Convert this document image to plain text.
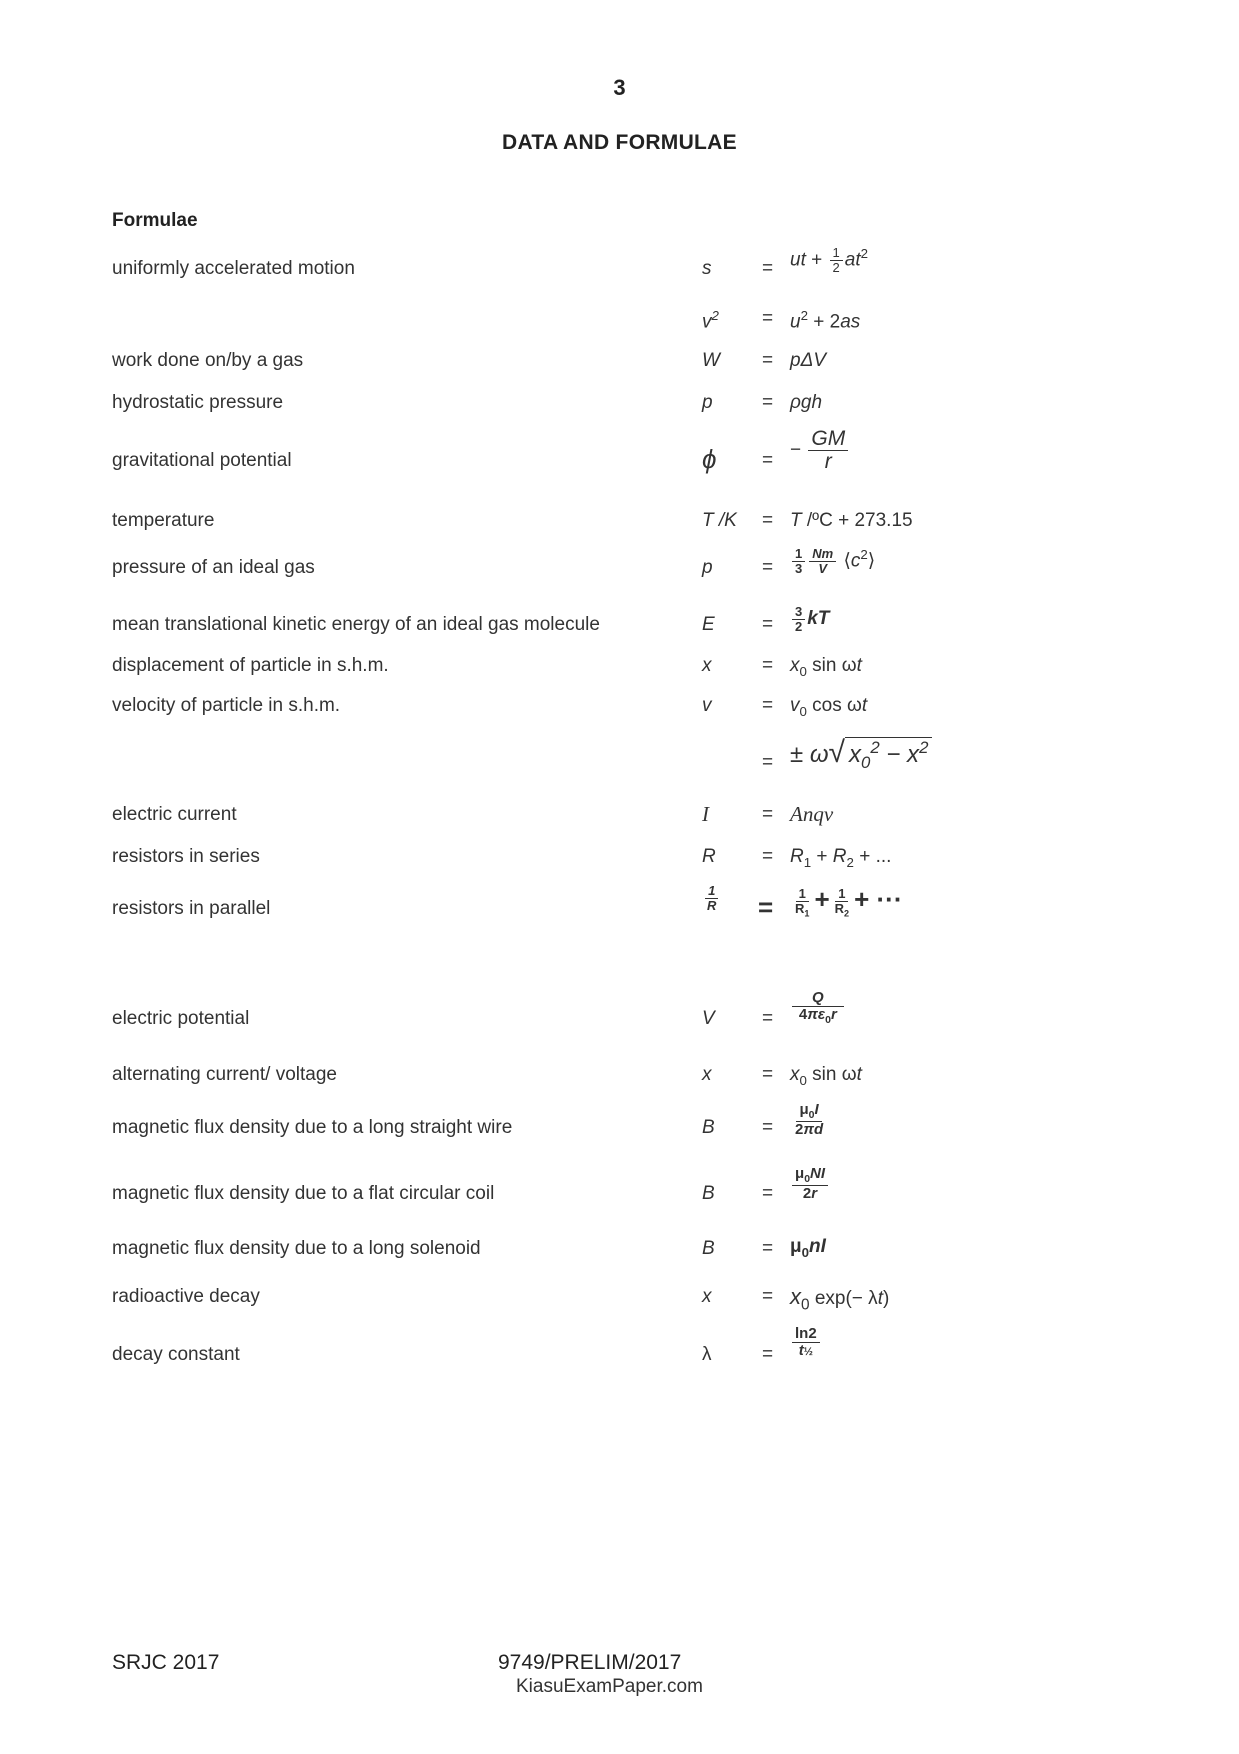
3
DATA AND FORMULAE
Formulae
uniformly accelerated motion	s	= ut + $\frac{1}{2} at^2$
$v^2 = u^2 + 2as$
work done on/by a gas	W = pΔV
hydrostatic pressure	p	= ρgh
gravitational potential	ϕ = − $\frac{GM}{r}$
temperature	T /K = T /ºC + 273.15
pressure of an ideal gas	p	= $\frac{1}{3} \frac{Nm}{V}$ $⟨c^2⟩$
mean translational kinetic energy of an ideal gas molecule	$E = \frac{3}{2}$ kT
displacement of particle in s.h.m.	x	= $x_0$ sin ωt
velocity of particle in s.h.m.	v	= $v_0$ cos ωt
= ± ω√ $x_0^2 - x^2$
electric current	I	= Anqv
resistors in series	$R = R_1 + R_2$ + ...
resistors in parallel	$\frac{1}{R} = \frac{1}{R_1} + \frac{1}{R_2}$ + ···
electric potential	$V = \frac{Q}{4\pi\varepsilon_0r}$
alternating current/ voltage	x	= $x_0$ sin ωt
magnetic flux density due to a long straight wire	$B = \frac{\mu_0I}{2\pi d}$
magnetic flux density due to a flat circular coil	$B = \frac{\mu_0NI}{2r}$
magnetic flux density due to a long solenoid	$B = \mu_0nI$
radioactive decay	x	= $x_0$ exp(− λt)
decay constant	λ	= $\frac{\ln 2}{\text{t½}}$
SRJC 2017	9749/PRELIM/2017
KiasuExamPaper.com
